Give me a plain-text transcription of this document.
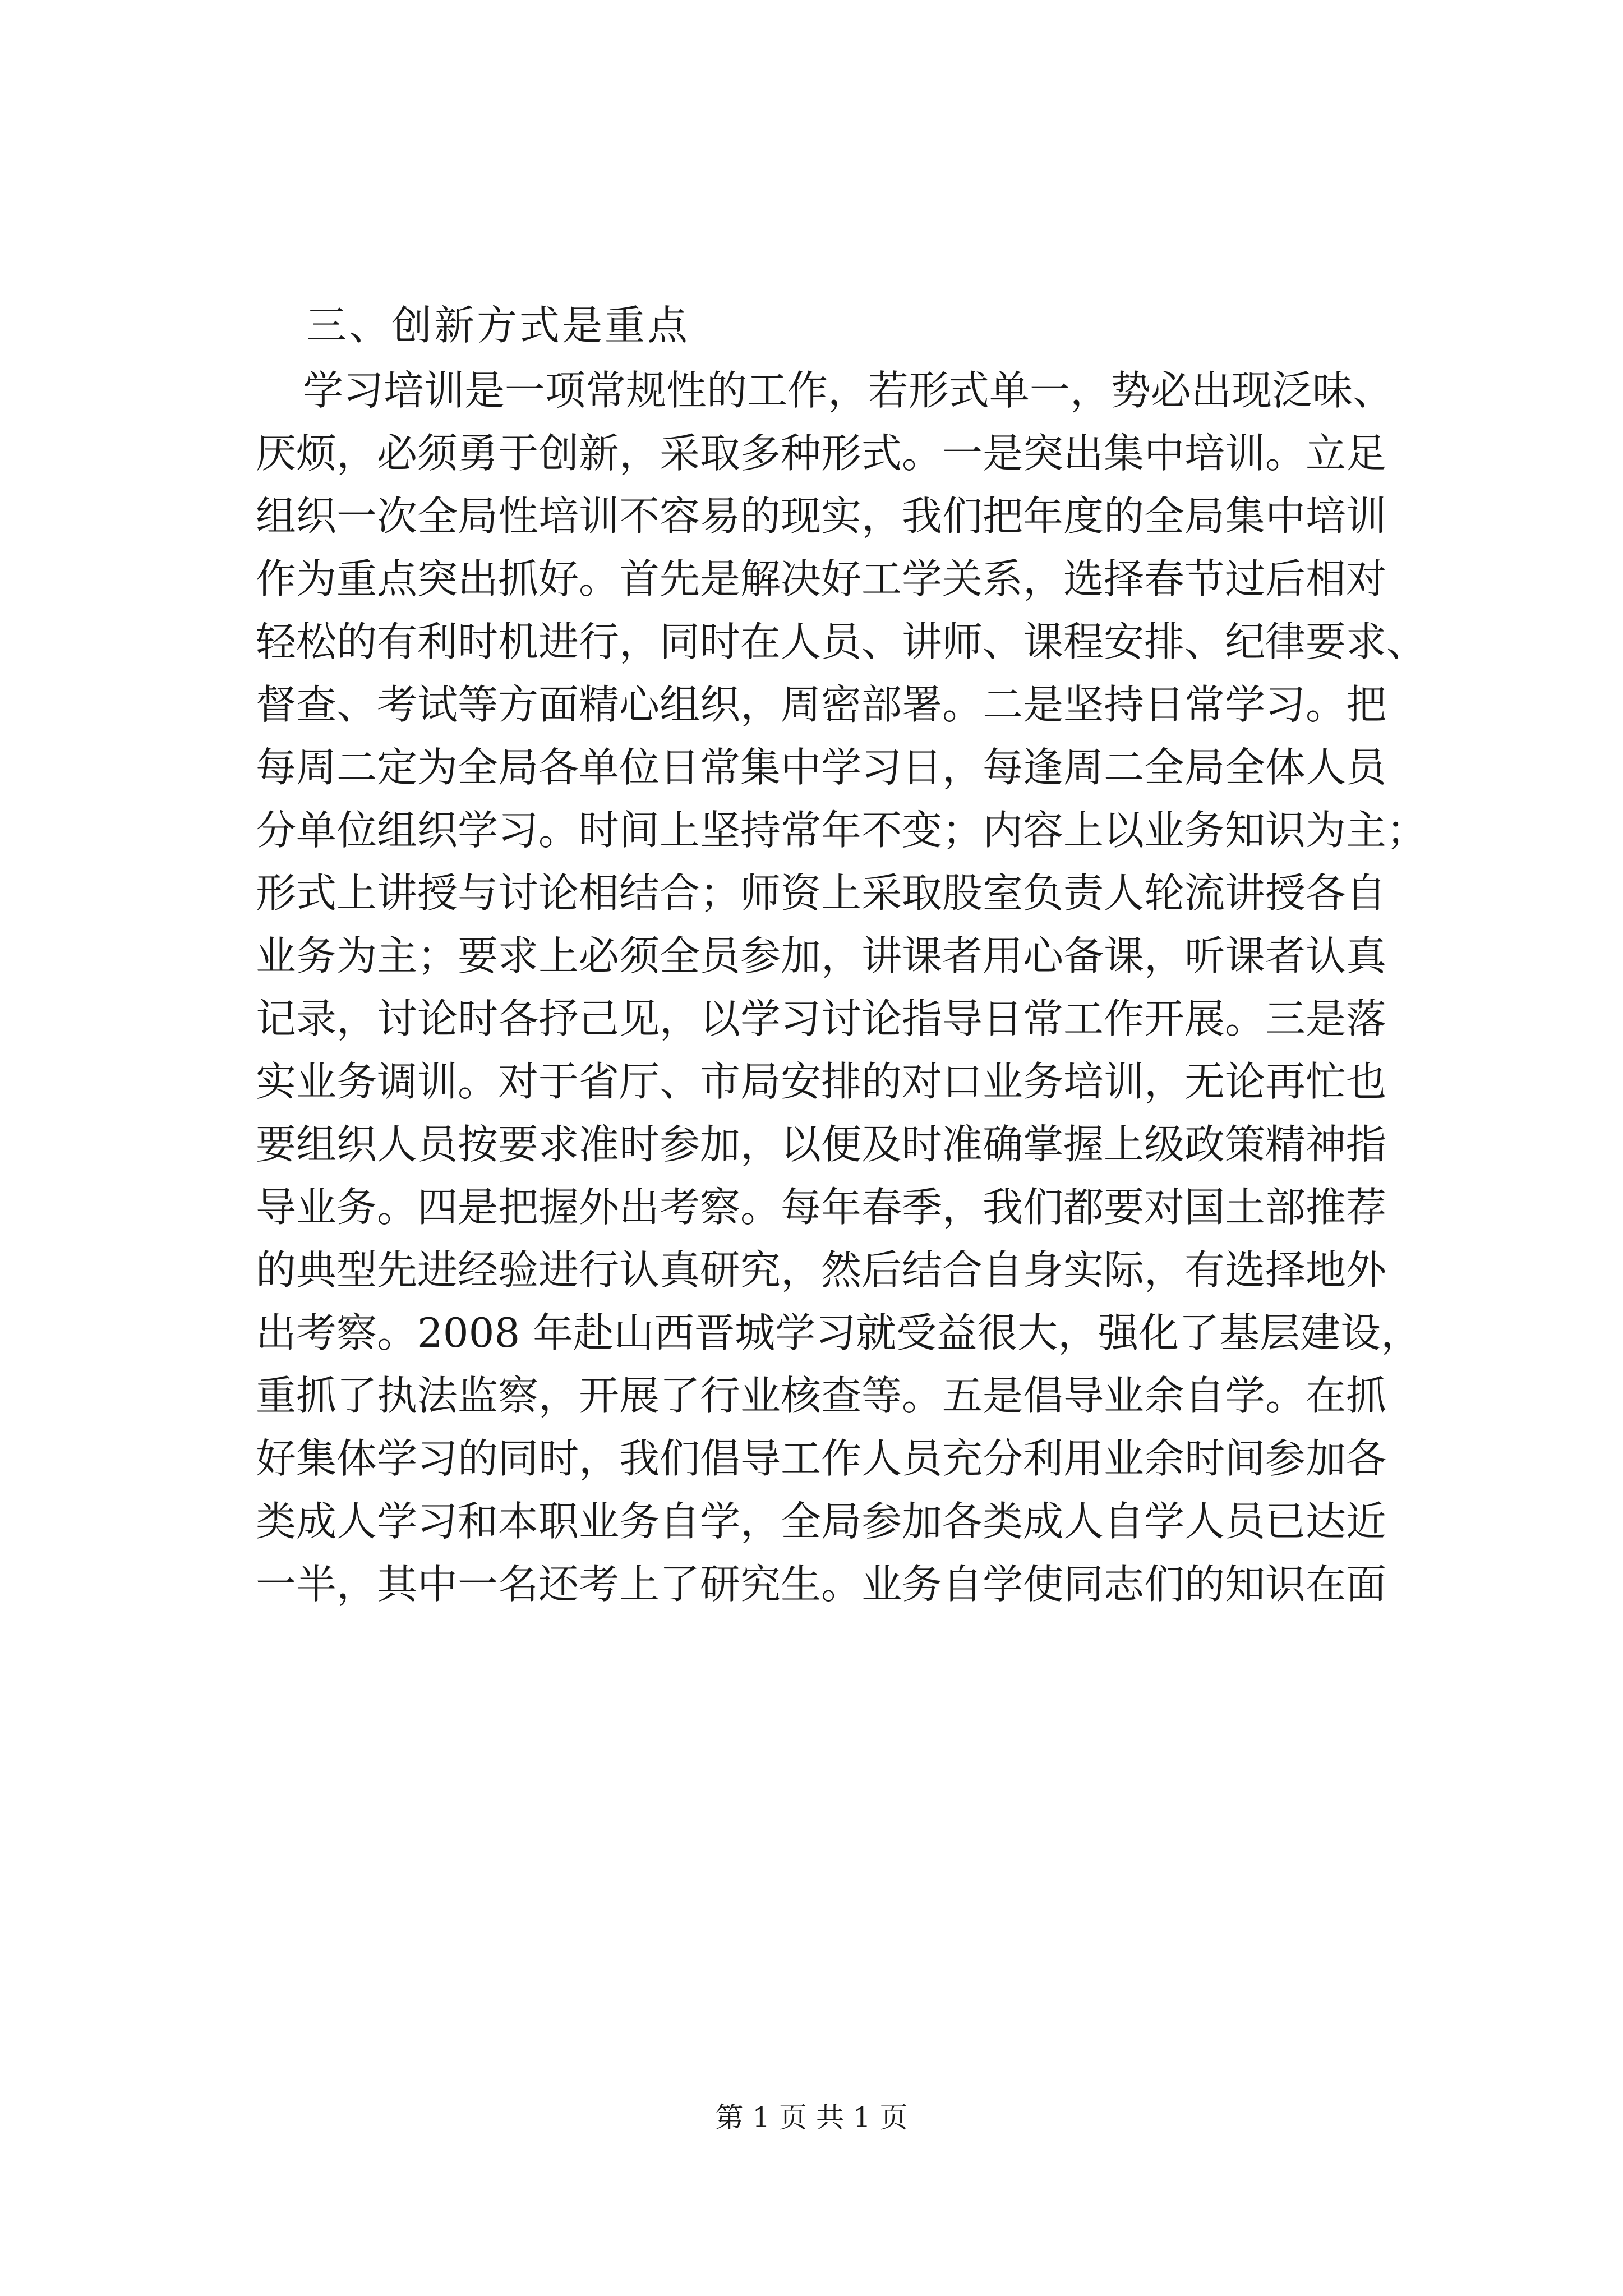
三、创新方式是重点

学习培训是一项常规性的工作，若形式单一，势必出现泛味、

厌烦，必须勇于创新，采取多种形式。一是突出集中培训。立足

组织一次全局性培训不容易的现实，我们把年度的全局集中培训

作为重点突出抓好。首先是解决好工学关系，选择春节过后相对

轻松的有利时机进行，同时在人员、讲师、课程安排、纪律要求、

督查、考试等方面精心组织，周密部署。二是坚持日常学习。把

每周二定为全局各单位日常集中学习日，每逢周二全局全体人员

分单位组织学习。时间上坚持常年不变；内容上以业务知识为主；

形式上讲授与讨论相结合；师资上采取股室负责人轮流讲授各自

业务为主；要求上必须全员参加，讲课者用心备课，听课者认真

记录，讨论时各抒己见，以学习讨论指导日常工作开展。三是落

实业务调训。对于省厅、市局安排的对口业务培训，无论再忙也

要组织人员按要求准时参加，以便及时准确掌握上级政策精神指

导业务。四是把握外出考察。每年春季，我们都要对国土部推荐

的典型先进经验进行认真研究，然后结合自身实际，有选择地外

出考察。2008 年赴山西晋城学习就受益很大，强化了基层建设，

重抓了执法监察，开展了行业核查等。五是倡导业余自学。在抓

好集体学习的同时，我们倡导工作人员充分利用业余时间参加各

类成人学习和本职业务自学，全局参加各类成人自学人员已达近

一半，其中一名还考上了研究生。业务自学使同志们的知识在面

第 1 页 共 1 页
